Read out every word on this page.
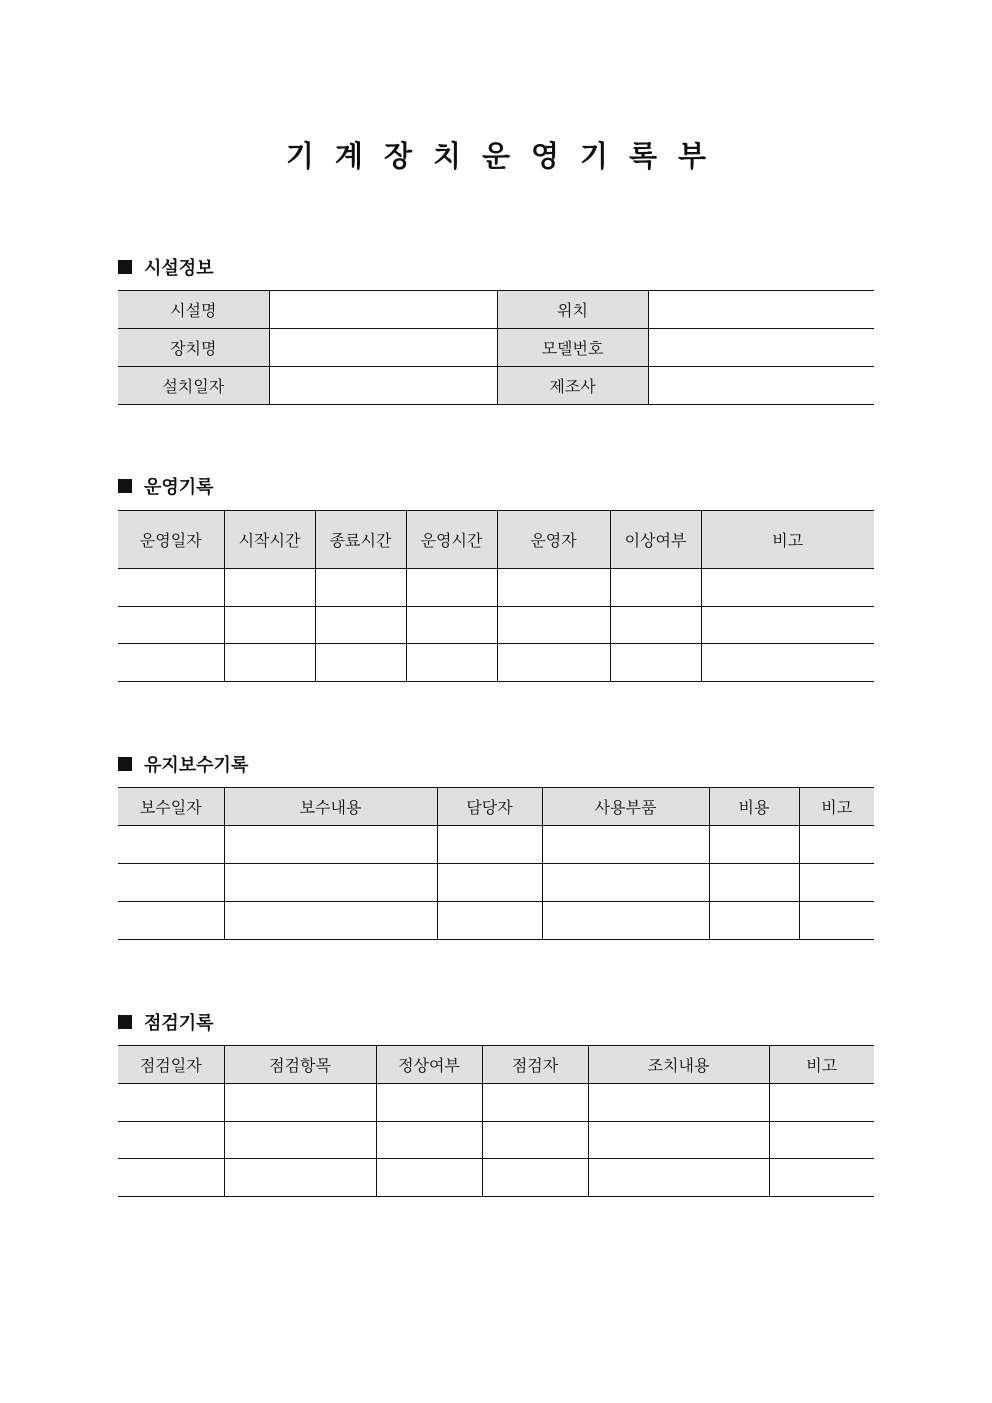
기계장치운영기록부
시설정보
시설명		위치	
장치명		모델번호	
설치일자		제조사	
운영기록
운영일자	시작시간	종료시간	운영시간	운영자	이상여부	비고

유지보수기록
보수일자	보수내용	담당자	사용부품	비용	비고

점검기록
점검일자	점검항목	정상여부	점검자	조치내용	비고
